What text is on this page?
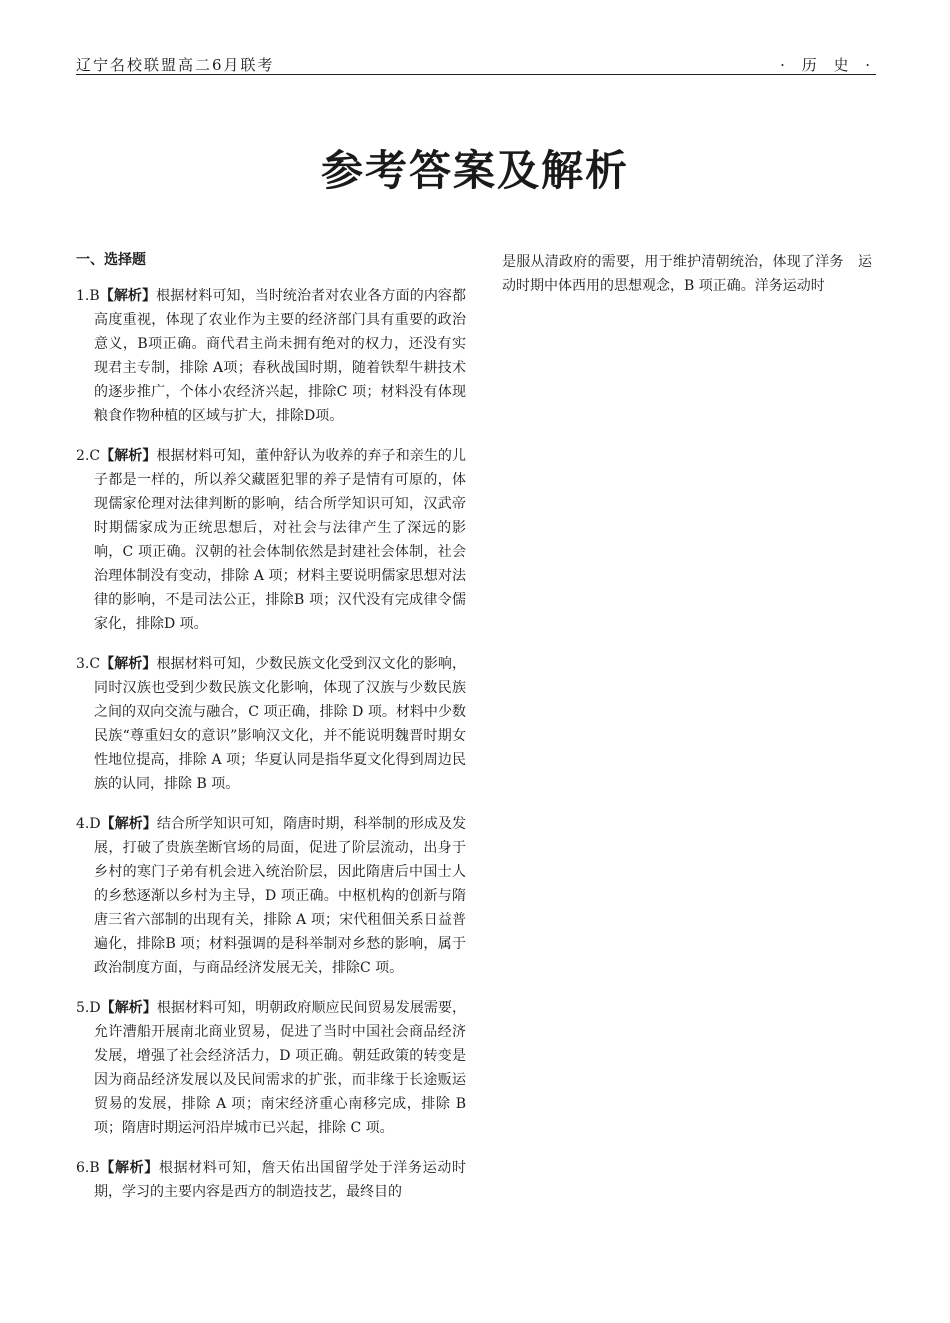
辽宁名校联盟高二6月联考	· 历 史 ·
参考答案及解析
一、选择题

1.B【解析】根据材料可知，当时统治者对农业各方面的内容都高度重视，体现了农业作为主要的经济部门具有重要的政治意义，B项正确。商代君主尚未拥有绝对的权力，还没有实现君主专制，排除 A项；春秋战国时期，随着铁犁牛耕技术的逐步推广，个体小农经济兴起，排除C 项；材料没有体现粮食作物种植的区域与扩大，排除D项。

2.C【解析】根据材料可知，董仲舒认为收养的弃子和亲生的儿子都是一样的，所以养父藏匿犯罪的养子是情有可原的，体现儒家伦理对法律判断的影响，结合所学知识可知，汉武帝时期儒家成为正统思想后，对社会与法律产生了深远的影响，C 项正确。汉朝的社会体制依然是封建社会体制，社会治理体制没有变动，排除 A 项；材料主要说明儒家思想对法律的影响，不是司法公正，排除B 项；汉代没有完成律令儒家化，排除D 项。

3.C【解析】根据材料可知，少数民族文化受到汉文化的影响，同时汉族也受到少数民族文化影响，体现了汉族与少数民族之间的双向交流与融合，C 项正确，排除 D 项。材料中少数民族“尊重妇女的意识”影响汉文化，并不能说明魏晋时期女性地位提高，排除 A 项；华夏认同是指华夏文化得到周边民族的认同，排除 B 项。

4.D【解析】结合所学知识可知，隋唐时期，科举制的形成及发展，打破了贵族垄断官场的局面，促进了阶层流动，出身于乡村的寒门子弟有机会进入统治阶层，因此隋唐后中国士人的乡愁逐渐以乡村为主导，D 项正确。中枢机构的创新与隋唐三省六部制的出现有关，排除 A 项；宋代租佃关系日益普遍化，排除B 项；材料强调的是科举制对乡愁的影响，属于政治制度方面，与商品经济发展无关，排除C 项。

5.D【解析】根据材料可知，明朝政府顺应民间贸易发展需要，允许漕船开展南北商业贸易，促进了当时中国社会商品经济发展，增强了社会经济活力，D 项正确。朝廷政策的转变是因为商品经济发展以及民间需求的扩张，而非缘于长途贩运贸易的发展，排除 A 项；南宋经济重心南移完成，排除 B 项；隋唐时期运河沿岸城市已兴起，排除 C 项。

6.B【解析】根据材料可知，詹天佑出国留学处于洋务运动时期，学习的主要内容是西方的制造技艺，最终目的

是服从清政府的需要，用于维护清朝统治，体现了洋务　运动时期中体西用的思想观念，B 项正确。洋务运动时
